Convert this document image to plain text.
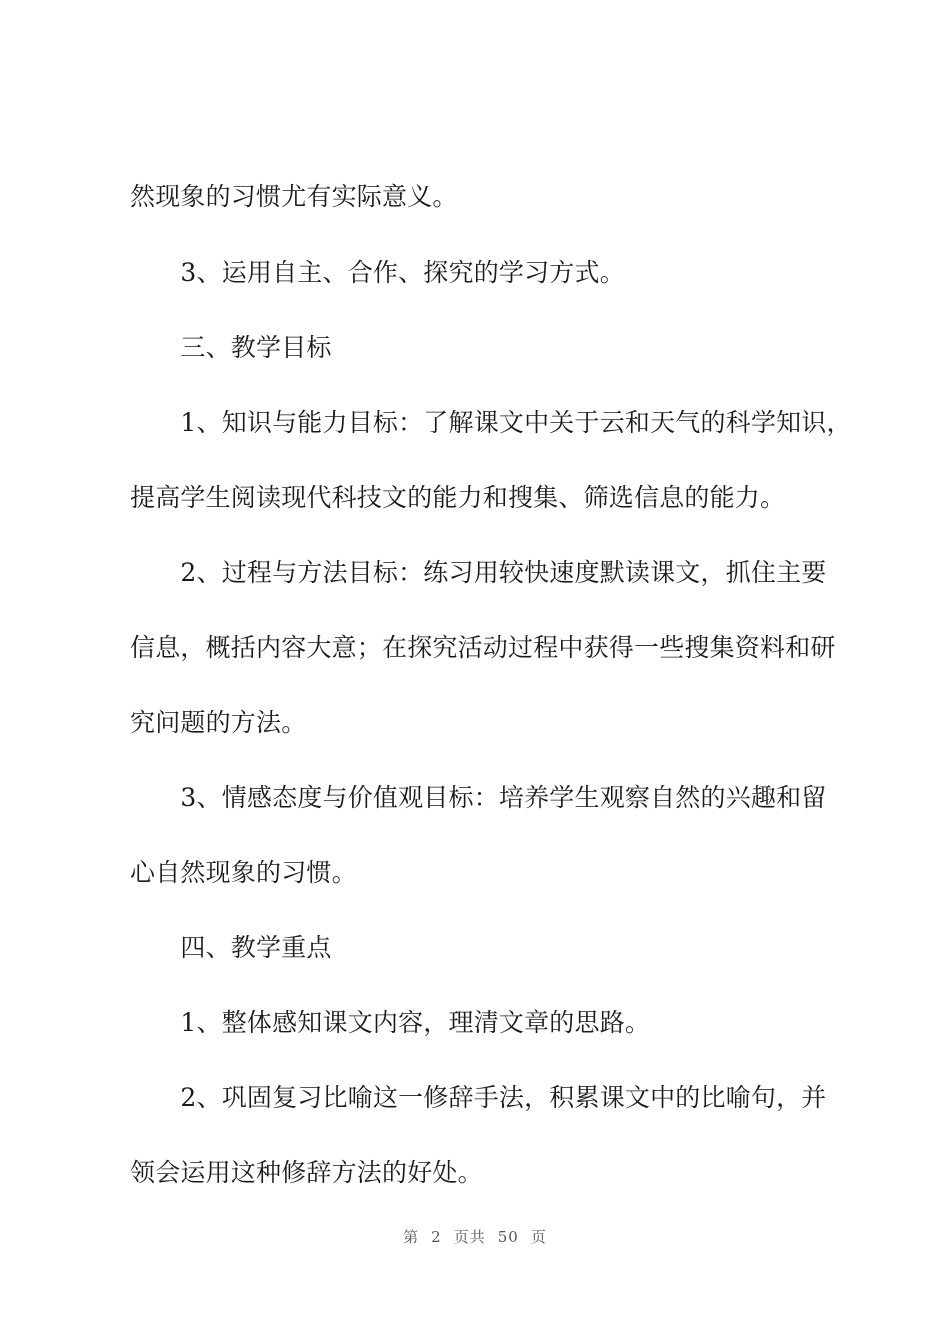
然现象的习惯尤有实际意义。
　　3、运用自主、合作、探究的学习方式。
　　三、教学目标
　　1、知识与能力目标：了解课文中关于云和天气的科学知识，
提高学生阅读现代科技文的能力和搜集、筛选信息的能力。
　　2、过程与方法目标：练习用较快速度默读课文，抓住主要
信息，概括内容大意；在探究活动过程中获得一些搜集资料和研
究问题的方法。
　　3、情感态度与价值观目标：培养学生观察自然的兴趣和留
心自然现象的习惯。
　　四、教学重点
　　1、整体感知课文内容，理清文章的思路。
　　2、巩固复习比喻这一修辞手法，积累课文中的比喻句，并
领会运用这种修辞方法的好处。
第 2 页共 50 页
